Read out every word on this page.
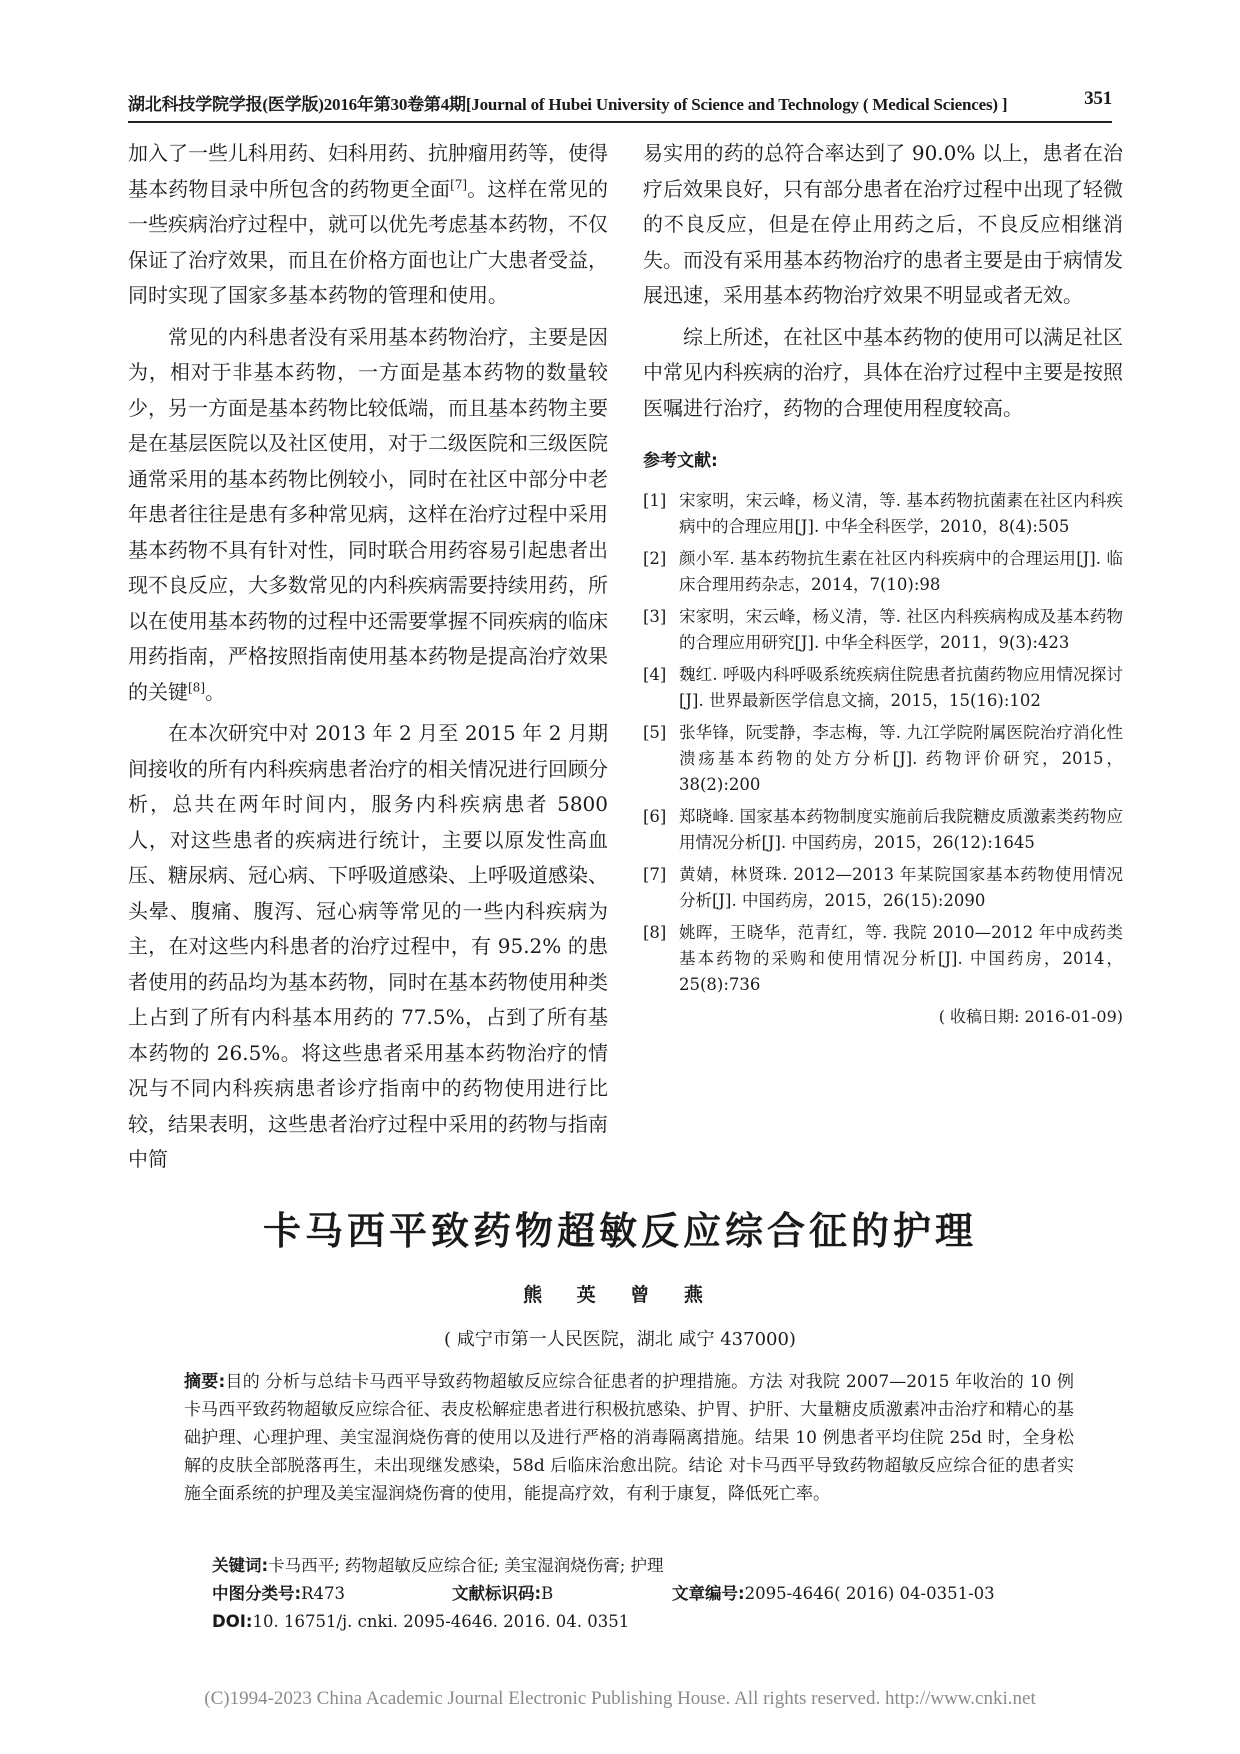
湖北科技学院学报(医学版)2016年第30卷第4期[Journal of Hubei University of Science and Technology ( Medical Sciences) ]	351

加入了一些儿科用药、妇科用药、抗肿瘤用药等，使得基本药物目录中所包含的药物更全面[7]。这样在常见的一些疾病治疗过程中，就可以优先考虑基本药物，不仅保证了治疗效果，而且在价格方面也让广大患者受益，同时实现了国家多基本药物的管理和使用。

常见的内科患者没有采用基本药物治疗，主要是因为，相对于非基本药物，一方面是基本药物的数量较少，另一方面是基本药物比较低端，而且基本药物主要是在基层医院以及社区使用，对于二级医院和三级医院通常采用的基本药物比例较小，同时在社区中部分中老年患者往往是患有多种常见病，这样在治疗过程中采用基本药物不具有针对性，同时联合用药容易引起患者出现不良反应，大多数常见的内科疾病需要持续用药，所以在使用基本药物的过程中还需要掌握不同疾病的临床用药指南，严格按照指南使用基本药物是提高治疗效果的关键[8]。

在本次研究中对 2013 年 2 月至 2015 年 2 月期间接收的所有内科疾病患者治疗的相关情况进行回顾分析，总共在两年时间内，服务内科疾病患者 5800 人，对这些患者的疾病进行统计，主要以原发性高血压、糖尿病、冠心病、下呼吸道感染、上呼吸道感染、头晕、腹痛、腹泻、冠心病等常见的一些内科疾病为主，在对这些内科患者的治疗过程中，有 95.2% 的患者使用的药品均为基本药物，同时在基本药物使用种类上占到了所有内科基本用药的 77.5%，占到了所有基本药物的 26.5%。将这些患者采用基本药物治疗的情况与不同内科疾病患者诊疗指南中的药物使用进行比较，结果表明，这些患者治疗过程中采用的药物与指南中简

易实用的药的总符合率达到了 90.0% 以上，患者在治疗后效果良好，只有部分患者在治疗过程中出现了轻微的不良反应，但是在停止用药之后，不良反应相继消失。而没有采用基本药物治疗的患者主要是由于病情发展迅速，采用基本药物治疗效果不明显或者无效。

综上所述，在社区中基本药物的使用可以满足社区中常见内科疾病的治疗，具体在治疗过程中主要是按照医嘱进行治疗，药物的合理使用程度较高。

参考文献:

[1] 宋家明，宋云峰，杨义清，等. 基本药物抗菌素在社区内科疾病中的合理应用[J]. 中华全科医学，2010，8(4):505
[2] 颜小军. 基本药物抗生素在社区内科疾病中的合理运用[J]. 临床合理用药杂志，2014，7(10):98
[3] 宋家明，宋云峰，杨义清，等. 社区内科疾病构成及基本药物的合理应用研究[J]. 中华全科医学，2011，9(3):423
[4] 魏红. 呼吸内科呼吸系统疾病住院患者抗菌药物应用情况探讨[J]. 世界最新医学信息文摘，2015，15(16):102
[5] 张华锋，阮雯静，李志梅，等. 九江学院附属医院治疗消化性溃疡基本药物的处方分析[J]. 药物评价研究，2015，38(2):200
[6] 郑晓峰. 国家基本药物制度实施前后我院糖皮质激素类药物应用情况分析[J]. 中国药房，2015，26(12):1645
[7] 黄婧，林贤珠. 2012—2013 年某院国家基本药物使用情况分析[J]. 中国药房，2015，26(15):2090
[8] 姚晖，王晓华，范青红，等. 我院 2010—2012 年中成药类基本药物的采购和使用情况分析[J]. 中国药房，2014，25(8):736
( 收稿日期: 2016-01-09)
卡马西平致药物超敏反应综合征的护理
熊 英 曾 燕
( 咸宁市第一人民医院，湖北 咸宁 437000)
摘要:目的 分析与总结卡马西平导致药物超敏反应综合征患者的护理措施。方法 对我院 2007—2015 年收治的 10 例卡马西平致药物超敏反应综合征、表皮松解症患者进行积极抗感染、护胃、护肝、大量糖皮质激素冲击治疗和精心的基础护理、心理护理、美宝湿润烧伤膏的使用以及进行严格的消毒隔离措施。结果 10 例患者平均住院 25d 时，全身松解的皮肤全部脱落再生，未出现继发感染，58d 后临床治愈出院。结论 对卡马西平导致药物超敏反应综合征的患者实施全面系统的护理及美宝湿润烧伤膏的使用，能提高疗效，有利于康复，降低死亡率。
关键词:卡马西平; 药物超敏反应综合征; 美宝湿润烧伤膏; 护理
中图分类号:R473	文献标识码:B	文章编号:2095-4646( 2016) 04-0351-03
DOI:10. 16751/j. cnki. 2095-4646. 2016. 04. 0351
(C)1994-2023 China Academic Journal Electronic Publishing House. All rights reserved. http://www.cnki.net
